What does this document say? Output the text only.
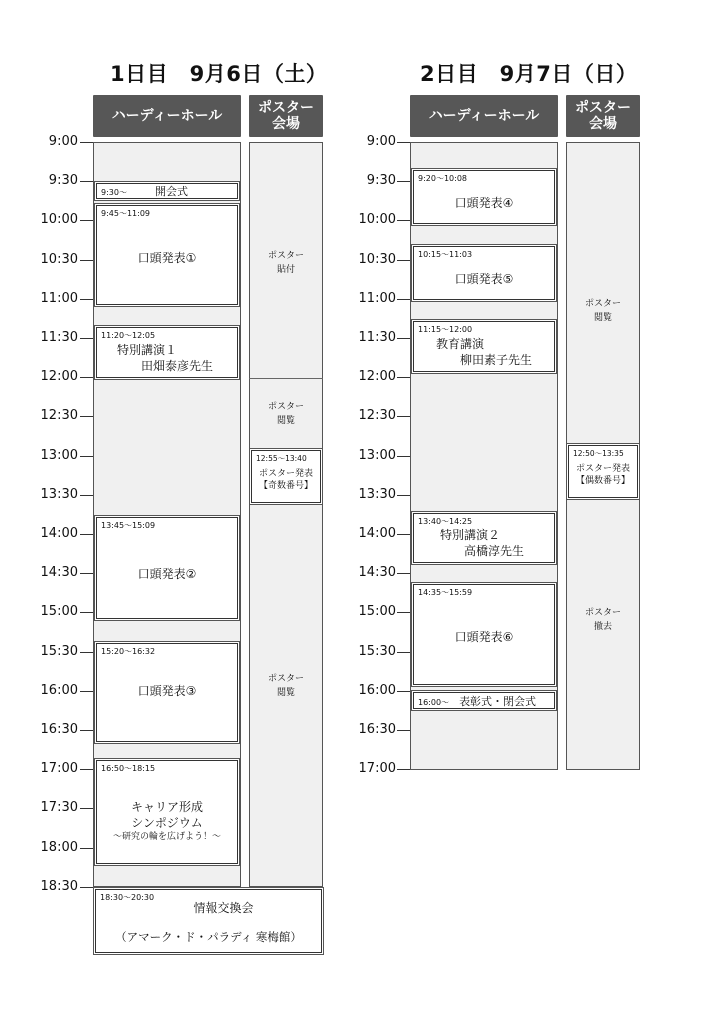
1日目　9月6日（土）
ハーディーホール
ポスター
会場
9:00
9:30
10:00
10:30
11:00
11:30
12:00
12:30
13:00
13:30
14:00
14:30
15:00
15:30
16:00
16:30
17:00
17:30
18:00
18:30
9:30〜	開会式
9:45〜11:09
口頭発表①
11:20〜12:05
特別講演１
　　田畑泰彦先生
13:45〜15:09
口頭発表②
15:20〜16:32
口頭発表③
16:50〜18:15
キャリア形成
シンポジウム
〜研究の輪を広げよう！〜
18:30〜20:30
情報交換会
（アマーク・ド・パラディ 寒梅館）
ポスター
貼付
ポスター
閲覧
12:55〜13:40
ポスター発表
【奇数番号】
ポスター
閲覧
2日目　9月7日（日）
ハーディーホール
ポスター
会場
9:00
9:30
10:00
10:30
11:00
11:30
12:00
12:30
13:00
13:30
14:00
14:30
15:00
15:30
16:00
16:30
17:00
9:20〜10:08
口頭発表④
10:15〜11:03
口頭発表⑤
11:15〜12:00
教育講演
　　柳田素子先生
13:40〜14:25
特別講演２
　　高橋淳先生
14:35〜15:59
口頭発表⑥
16:00〜 表彰式・閉会式
ポスター
閲覧
12:50〜13:35
ポスター発表
【偶数番号】
ポスター
撤去
